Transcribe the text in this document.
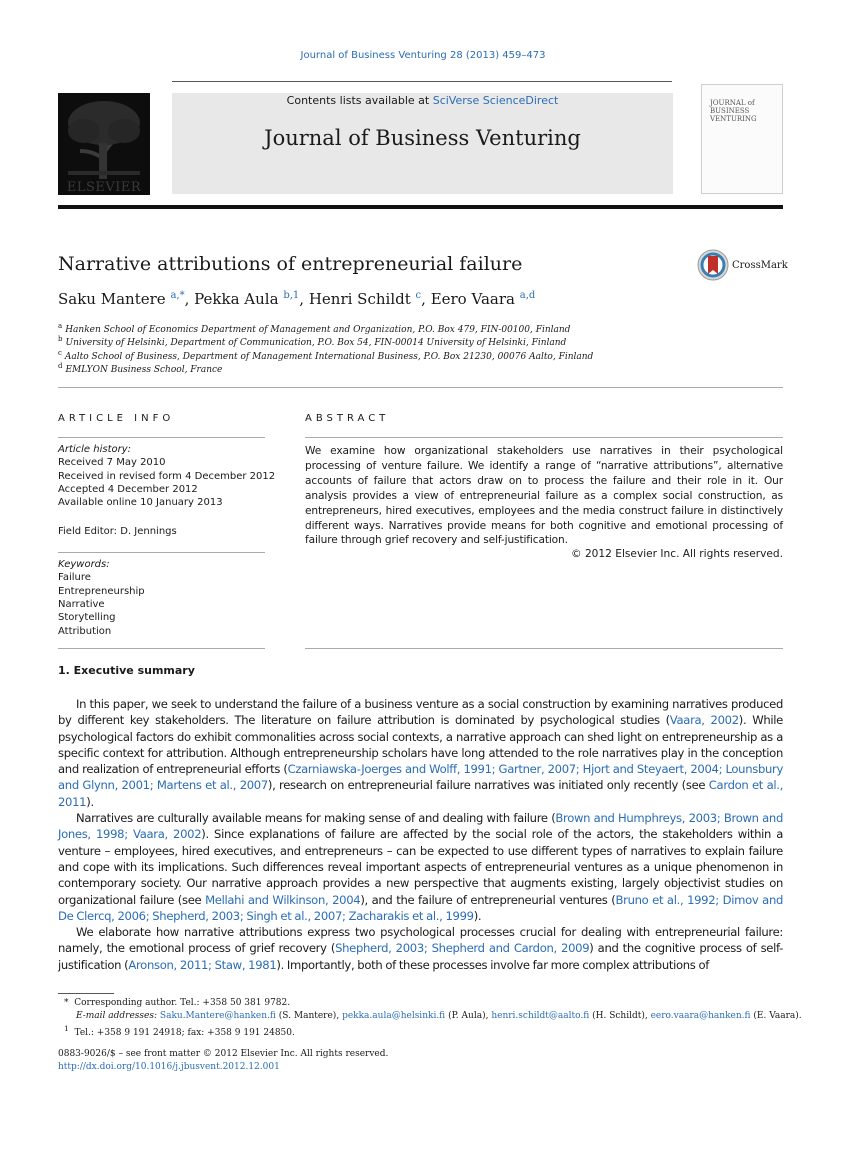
Journal of Business Venturing 28 (2013) 459–473
ELSEVIER
Contents lists available at SciVerse ScienceDirect
Journal of Business Venturing
JOURNAL of BUSINESS VENTURING
Narrative attributions of entrepreneurial failure	CrossMark
Saku Mantere $^{a,*}$, Pekka Aula $^{b,1}$, Henri Schildt $^c$, Eero Vaara $^{a,d}$
$^a$ Hanken School of Economics Department of Management and Organization, P.O. Box 479, FIN-00100, Finland
$^b$ University of Helsinki, Department of Communication, P.O. Box 54, FIN-00014 University of Helsinki, Finland
$^c$ Aalto School of Business, Department of Management International Business, P.O. Box 21230, 00076 Aalto, Finland
$^d$ EMLYON Business School, France
ARTICLE INFO	ABSTRACT
Article history:
Received 7 May 2010
Received in revised form 4 December 2012
Accepted 4 December 2012
Available online 10 January 2013
Field Editor: D. Jennings
Keywords:
Failure
Entrepreneurship
Narrative
Storytelling
Attribution
We examine how organizational stakeholders use narratives in their psychological processing of venture failure. We identify a range of “narrative attributions”, alternative accounts of failure that actors draw on to process the failure and their role in it. Our analysis provides a view of entrepreneurial failure as a complex social construction, as entrepreneurs, hired executives, employees and the media construct failure in distinctively different ways. Narratives provide means for both cognitive and emotional processing of failure through grief recovery and self-justification.
© 2012 Elsevier Inc. All rights reserved.
1. Executive summary

In this paper, we seek to understand the failure of a business venture as a social construction by examining narratives produced by different key stakeholders. The literature on failure attribution is dominated by psychological studies (Vaara, 2002). While psychological factors do exhibit commonalities across social contexts, a narrative approach can shed light on entrepreneurship as a specific context for attribution. Although entrepreneurship scholars have long attended to the role narratives play in the conception and realization of entrepreneurial efforts (Czarniawska-Joerges and Wolff, 1991; Gartner, 2007; Hjort and Steyaert, 2004; Lounsbury and Glynn, 2001; Martens et al., 2007), research on entrepreneurial failure narratives was initiated only recently (see Cardon et al., 2011).

Narratives are culturally available means for making sense of and dealing with failure (Brown and Humphreys, 2003; Brown and Jones, 1998; Vaara, 2002). Since explanations of failure are affected by the social role of the actors, the stakeholders within a venture – employees, hired executives, and entrepreneurs – can be expected to use different types of narratives to explain failure and cope with its implications. Such differences reveal important aspects of entrepreneurial ventures as a unique phenomenon in contemporary society. Our narrative approach provides a new perspective that augments existing, largely objectivist studies on organizational failure (see Mellahi and Wilkinson, 2004), and the failure of entrepreneurial ventures (Bruno et al., 1992; Dimov and De Clercq, 2006; Shepherd, 2003; Singh et al., 2007; Zacharakis et al., 1999).

We elaborate how narrative attributions express two psychological processes crucial for dealing with entrepreneurial failure: namely, the emotional process of grief recovery (Shepherd, 2003; Shepherd and Cardon, 2009) and the cognitive process of self-justification (Aronson, 2011; Staw, 1981). Importantly, both of these processes involve far more complex attributions of

* Corresponding author. Tel.: +358 50 381 9782.
E-mail addresses: Saku.Mantere@hanken.fi (S. Mantere), pekka.aula@helsinki.fi (P. Aula), henri.schildt@aalto.fi (H. Schildt), eero.vaara@hanken.fi (E. Vaara).
$^1$ Tel.: +358 9 191 24918; fax: +358 9 191 24850.
0883-9026/$ – see front matter © 2012 Elsevier Inc. All rights reserved.
http://dx.doi.org/10.1016/j.jbusvent.2012.12.001
